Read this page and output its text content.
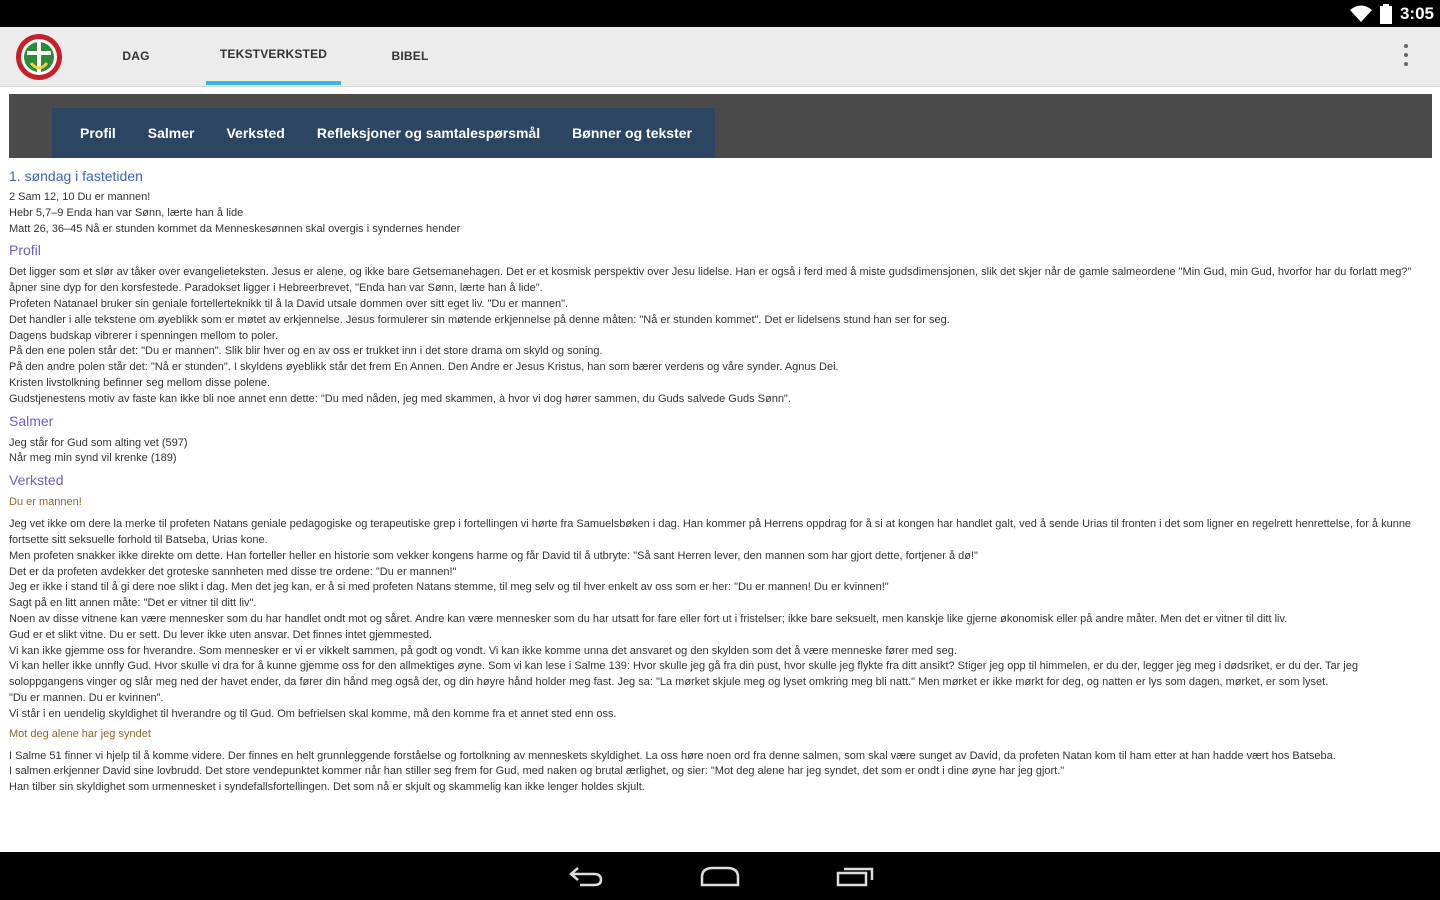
3:05
DAG	TEKSTVERKSTED	BIBEL
Profil	Salmer	Verksted	Refleksjoner og samtalespørsmål	Bønner og tekster
1. søndag i fastetiden

2 Sam 12, 10 Du er mannen!

Hebr 5,7–9 Enda han var Sønn, lærte han å lide

Matt 26, 36–45 Nå er stunden kommet da Menneskesønnen skal overgis i syndernes hender

Profil

Det ligger som et slør av tåker over evangelieteksten. Jesus er alene, og ikke bare Getsemanehagen. Det er et kosmisk perspektiv over Jesu lidelse. Han er også i ferd med å miste gudsdimensjonen, slik det skjer når de gamle salmeordene "Min Gud, min Gud, hvorfor har du forlatt meg?" åpner sine dyp for den korsfestede. Paradokset ligger i Hebreerbrevet, "Enda han var Sønn, lærte han å lide".

Profeten Natanael bruker sin geniale fortellerteknikk til å la David utsale dommen over sitt eget liv. "Du er mannen".

Det handler i alle tekstene om øyeblikk som er møtet av erkjennelse. Jesus formulerer sin møtende erkjennelse på denne måten: "Nå er stunden kommet". Det er lidelsens stund han ser for seg.

Dagens budskap vibrerer i spenningen mellom to poler.

På den ene polen står det: "Du er mannen". Slik blir hver og en av oss er trukket inn i det store drama om skyld og soning.

På den andre polen står det: "Nå er stunden". I skyldens øyeblikk står det frem En Annen. Den Andre er Jesus Kristus, han som bærer verdens og våre synder. Agnus Dei.

Kristen livstolkning befinner seg mellom disse polene.

Gudstjenestens motiv av faste kan ikke bli noe annet enn dette: "Du med nåden, jeg med skammen, à hvor vi dog hører sammen, du Guds salvede Guds Sønn".

Salmer

Jeg står for Gud som alting vet (597)

Når meg min synd vil krenke (189)

Verksted
Du er mannen!

Jeg vet ikke om dere la merke til profeten Natans geniale pedagogiske og terapeutiske grep i fortellingen vi hørte fra Samuelsbøken i dag. Han kommer på Herrens oppdrag for å si at kongen har handlet galt, ved å sende Urias til fronten i det som ligner en regelrett henrettelse, for å kunne fortsette sitt seksuelle forhold til Batseba, Urias kone.

Men profeten snakker ikke direkte om dette. Han forteller heller en historie som vekker kongens harme og får David til å utbryte: "Så sant Herren lever, den mannen som har gjort dette, fortjener å dø!"

Det er da profeten avdekker det groteske sannheten med disse tre ordene: "Du er mannen!"

Jeg er ikke i stand til å gi dere noe slikt i dag. Men det jeg kan, er å si med profeten Natans stemme, til meg selv og til hver enkelt av oss som er her: "Du er mannen! Du er kvinnen!"

Sagt på en litt annen måte: "Det er vitner til ditt liv".

Noen av disse vitnene kan være mennesker som du har handlet ondt mot og såret. Andre kan være mennesker som du har utsatt for fare eller fort ut i fristelser; ikke bare seksuelt, men kanskje like gjerne økonomisk eller på andre måter. Men det er vitner til ditt liv.

Gud er et slikt vitne. Du er sett. Du lever ikke uten ansvar. Det finnes intet gjemmested.

Vi kan ikke gjemme oss for hverandre. Som mennesker er vi er vikkelt sammen, på godt og vondt. Vi kan ikke komme unna det ansvaret og den skylden som det å være menneske fører med seg.

Vi kan heller ikke unnfly Gud. Hvor skulle vi dra for å kunne gjemme oss for den allmektiges øyne. Som vi kan lese i Salme 139: Hvor skulle jeg gå fra din pust, hvor skulle jeg flykte fra ditt ansikt? Stiger jeg opp til himmelen, er du der, legger jeg meg i dødsriket, er du der. Tar jeg soloppgangens vinger og slår meg ned der havet ender, da fører din hånd meg også der, og din høyre hånd holder meg fast. Jeg sa: "La mørket skjule meg og lyset omkring meg bli natt." Men mørket er ikke mørkt for deg, og natten er lys som dagen, mørket, er som lyset.

"Du er mannen. Du er kvinnen".

Vi står i en uendelig skyldighet til hverandre og til Gud. Om befrielsen skal komme, må den komme fra et annet sted enn oss.

Mot deg alene har jeg syndet

I Salme 51 finner vi hjelp til å komme videre. Der finnes en helt grunnleggende forståelse og fortolkning av menneskets skyldighet. La oss høre noen ord fra denne salmen, som skal være sunget av David, da profeten Natan kom til ham etter at han hadde vært hos Batseba.

I salmen erkjenner David sine lovbrudd. Det store vendepunktet kommer når han stiller seg frem for Gud, med naken og brutal ærlighet, og sier: "Mot deg alene har jeg syndet, det som er ondt i dine øyne har jeg gjort."

Han tilber sin skyldighet som urmennesket i syndefallsfortellingen. Det som nå er skjult og skammelig kan ikke lenger holdes skjult.
